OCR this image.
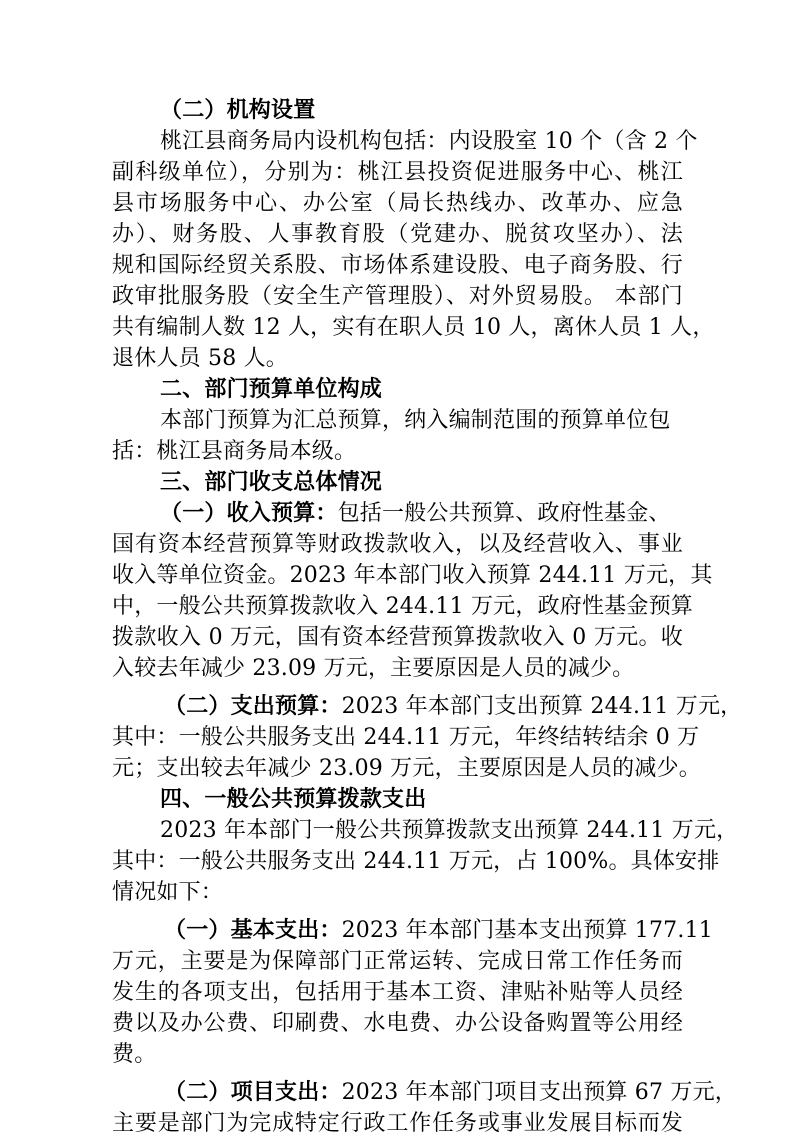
（二）机构设置
桃江县商务局内设机构包括：内设股室 10 个（含 2 个
副科级单位），分别为：桃江县投资促进服务中心、桃江
县市场服务中心、办公室（局长热线办、改革办、应急
办）、财务股、人事教育股（党建办、脱贫攻坚办）、法
规和国际经贸关系股、市场体系建设股、电子商务股、行
政审批服务股（安全生产管理股）、对外贸易股。 本部门
共有编制人数 12 人，实有在职人员 10 人，离休人员 1 人，
退休人员 58 人。
二、部门预算单位构成
本部门预算为汇总预算，纳入编制范围的预算单位包
括：桃江县商务局本级。
三、部门收支总体情况
（一）收入预算：包括一般公共预算、政府性基金、
国有资本经营预算等财政拨款收入，以及经营收入、事业
收入等单位资金。2023 年本部门收入预算 244.11 万元，其
中，一般公共预算拨款收入 244.11 万元，政府性基金预算
拨款收入 0 万元，国有资本经营预算拨款收入 0 万元。收
入较去年减少 23.09 万元，主要原因是人员的减少。
（二）支出预算：2023 年本部门支出预算 244.11 万元，
其中：一般公共服务支出 244.11 万元，年终结转结余 0 万
元；支出较去年减少 23.09 万元，主要原因是人员的减少。
四、一般公共预算拨款支出
2023 年本部门一般公共预算拨款支出预算 244.11 万元，
其中：一般公共服务支出 244.11 万元，占 100%。具体安排
情况如下：
（一）基本支出：2023 年本部门基本支出预算 177.11
万元，主要是为保障部门正常运转、完成日常工作任务而
发生的各项支出，包括用于基本工资、津贴补贴等人员经
费以及办公费、印刷费、水电费、办公设备购置等公用经
费。
（二）项目支出：2023 年本部门项目支出预算 67 万元，
主要是部门为完成特定行政工作任务或事业发展目标而发
